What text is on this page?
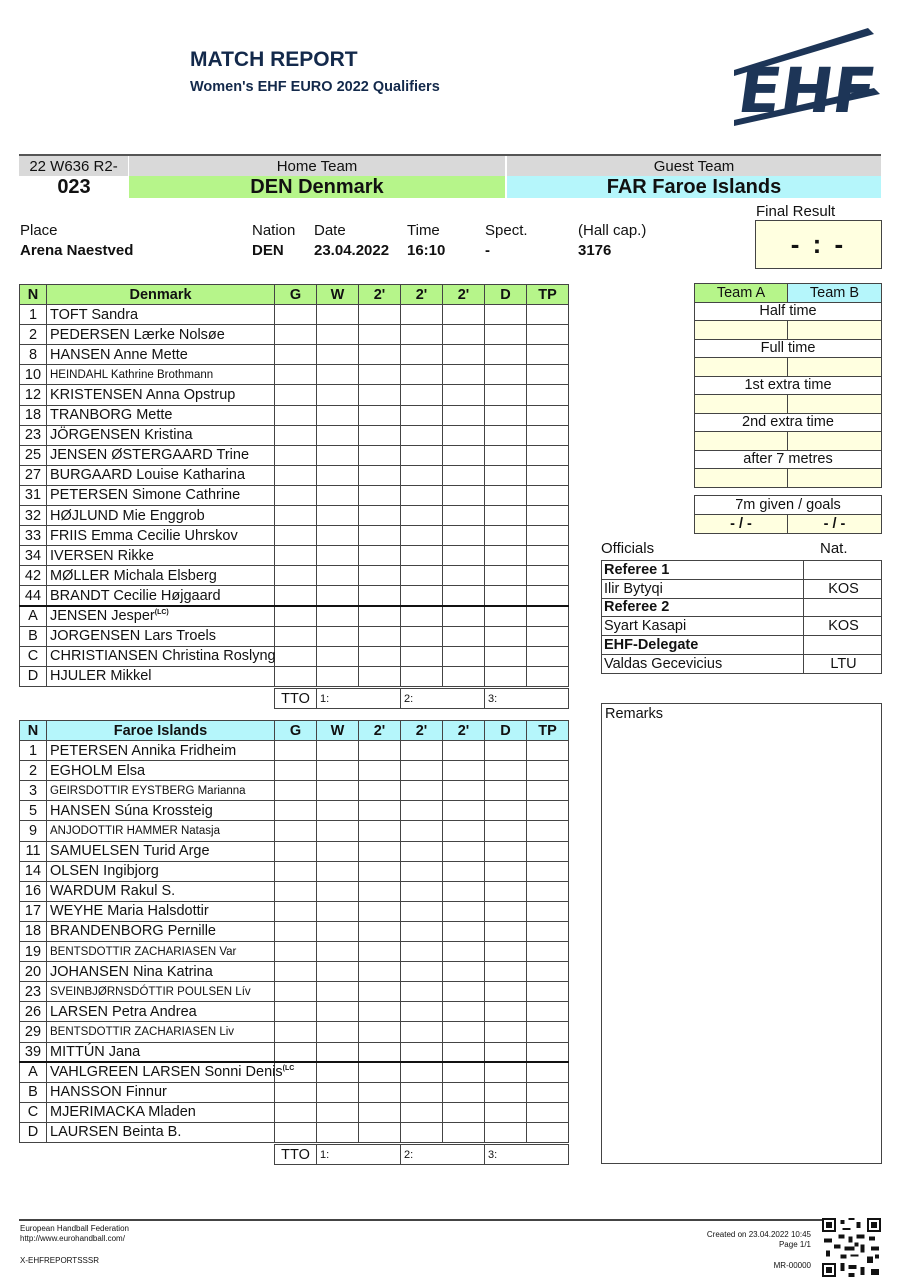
MATCH REPORT
Women's EHF EURO 2022 Qualifiers	EHF
22 W636 R2-
023
Home Team
DEN Denmark
Guest Team
FAR Faroe Islands
Place
Arena Naestved
Nation
DEN
Date
23.04.2022
Time
16:10
Spect.
-
(Hall cap.)
3176
Final Result
- : -
N	Denmark	G	W	2'	2'	2'	D	TP
1	TOFT Sandra							
2	PEDERSEN Lærke Nolsøe							
8	HANSEN Anne Mette							
10	HEINDAHL Kathrine Brothmann							
12	KRISTENSEN Anna Opstrup							
18	TRANBORG Mette							
23	JÖRGENSEN Kristina							
25	JENSEN ØSTERGAARD Trine							
27	BURGAARD Louise Katharina							
31	PETERSEN Simone Cathrine							
32	HØJLUND Mie Enggrob							
33	FRIIS Emma Cecilie Uhrskov							
34	IVERSEN Rikke							
42	MØLLER Michala Elsberg							
44	BRANDT Cecilie Højgaard							
A	JENSEN Jesper$^{(LC)}$							
B	JORGENSEN Lars Troels							
C	CHRISTIANSEN Christina Roslyng							
D	HJULER Mikkel							
TTO	1:	2:	3:
N	Faroe Islands	G	W	2'	2'	2'	D	TP
1	PETERSEN Annika Fridheim							
2	EGHOLM Elsa							
3	GEIRSDOTTIR EYSTBERG Marianna							
5	HANSEN Súna Krossteig							
9	ANJODOTTIR HAMMER Natasja							
11	SAMUELSEN Turid Arge							
14	OLSEN Ingibjorg							
16	WARDUM Rakul S.							
17	WEYHE Maria Halsdottir							
18	BRANDENBORG Pernille							
19	BENTSDOTTIR ZACHARIASEN Var							
20	JOHANSEN Nina Katrina							
23	SVEINBJØRNSDÓTTIR POULSEN Lív							
26	LARSEN Petra Andrea							
29	BENTSDOTTIR ZACHARIASEN Liv							
39	MITTÚN Jana							
A	VAHLGREEN LARSEN Sonni Denis$^{(LC}$							
B	HANSSON Finnur							
C	MJERIMACKA Mladen							
D	LAURSEN Beinta B.							
TTO	1:	2:	3:
Team A	Team B
Half time	

Full time	

1st extra time	

2nd extra time	

after 7 metres	

7m given / goals
- / -	- / -
Officials	Nat.
Referee 1	
Ilir Bytyqi	KOS
Referee 2	
Syart Kasapi	KOS
EHF-Delegate	
Valdas Gecevicius	LTU
Remarks
European Handball Federation
http://www.eurohandball.com/
X-EHFREPORTSSSR
Created on 23.04.2022 10:45
Page 1/1
MR-00000
